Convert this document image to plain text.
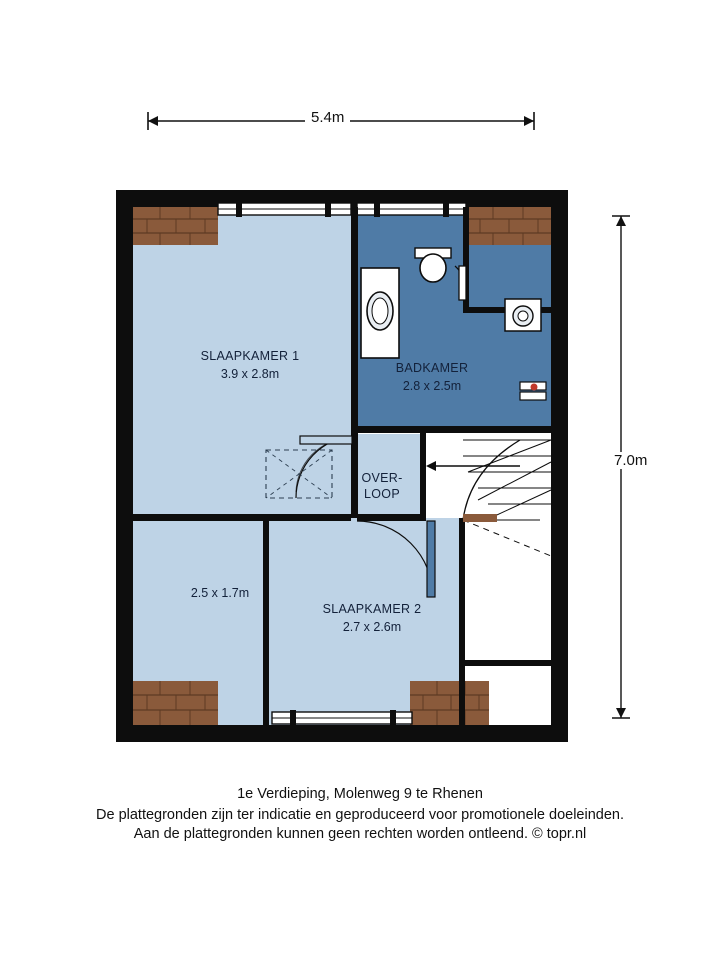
5.4m
7.0m
SLAAPKAMER 1
3.9 x 2.8m	BADKAMER
2.8 x 2.5m
OVER-
LOOP
SLAAPKAMER 2
2.7 x 2.6m
2.5 x 1.7m
1e Verdieping, Molenweg 9 te Rhenen
De plattegronden zijn ter indicatie en geproduceerd voor promotionele doeleinden.
Aan de plattegronden kunnen geen rechten worden ontleend. © topr.nl
